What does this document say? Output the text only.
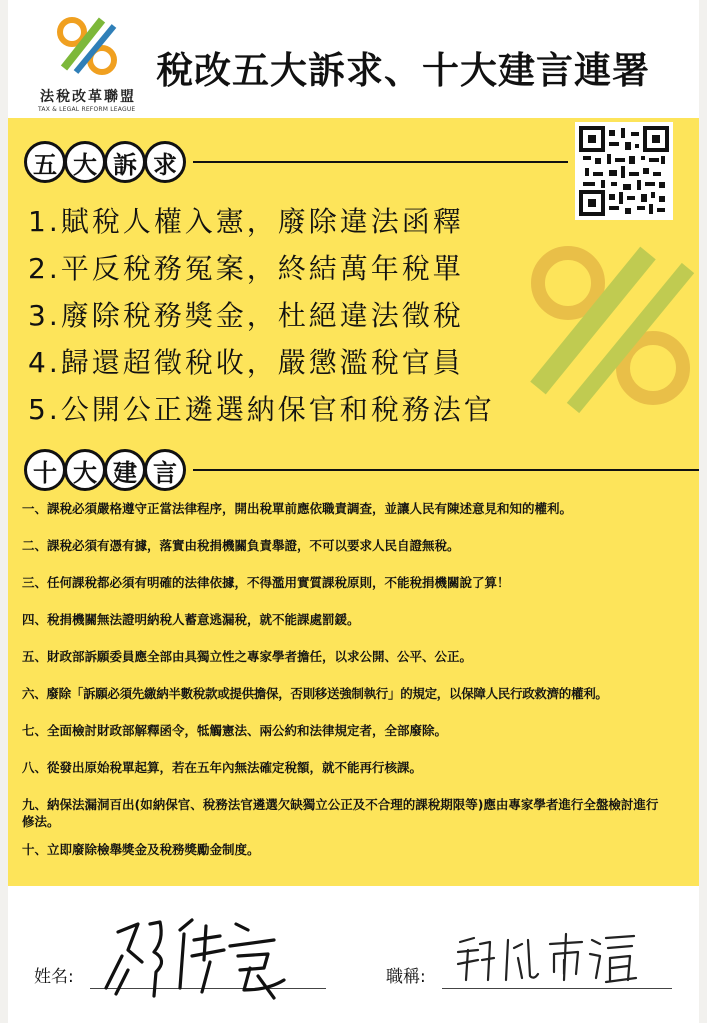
法稅改革聯盟
TAX & LEGAL REFORM LEAGUE
稅改五大訴求、十大建言連署
五 大 訴 求
1.賦稅人權入憲，廢除違法函釋
2.平反稅務冤案，終結萬年稅單
3.廢除稅務獎金，杜絕違法徵稅
4.歸還超徵稅收，嚴懲濫稅官員
5.公開公正遴選納保官和稅務法官
十 大 建 言
一、課稅必須嚴格遵守正當法律程序，開出稅單前應依職責調查，並讓人民有陳述意見和知的權利。
二、課稅必須有憑有據，落實由稅捐機關負責舉證，不可以要求人民自證無稅。
三、任何課稅都必須有明確的法律依據，不得濫用實質課稅原則，不能稅捐機關說了算！
四、稅捐機關無法證明納稅人蓄意逃漏稅，就不能課處罰鍰。
五、財政部訴願委員應全部由具獨立性之專家學者擔任，以求公開、公平、公正。
六、廢除「訴願必須先繳納半數稅款或提供擔保，否則移送強制執行」的規定，以保障人民行政救濟的權利。
七、全面檢討財政部解釋函令，牴觸憲法、兩公約和法律規定者，全部廢除。
八、從發出原始稅單起算，若在五年內無法確定稅額，就不能再行核課。
九、納保法漏洞百出(如納保官、稅務法官遴選欠缺獨立公正及不合理的課稅期限等)應由專家學者進行全盤檢討進行修法。
十、立即廢除檢舉獎金及稅務獎勵金制度。
姓名:	職稱:
